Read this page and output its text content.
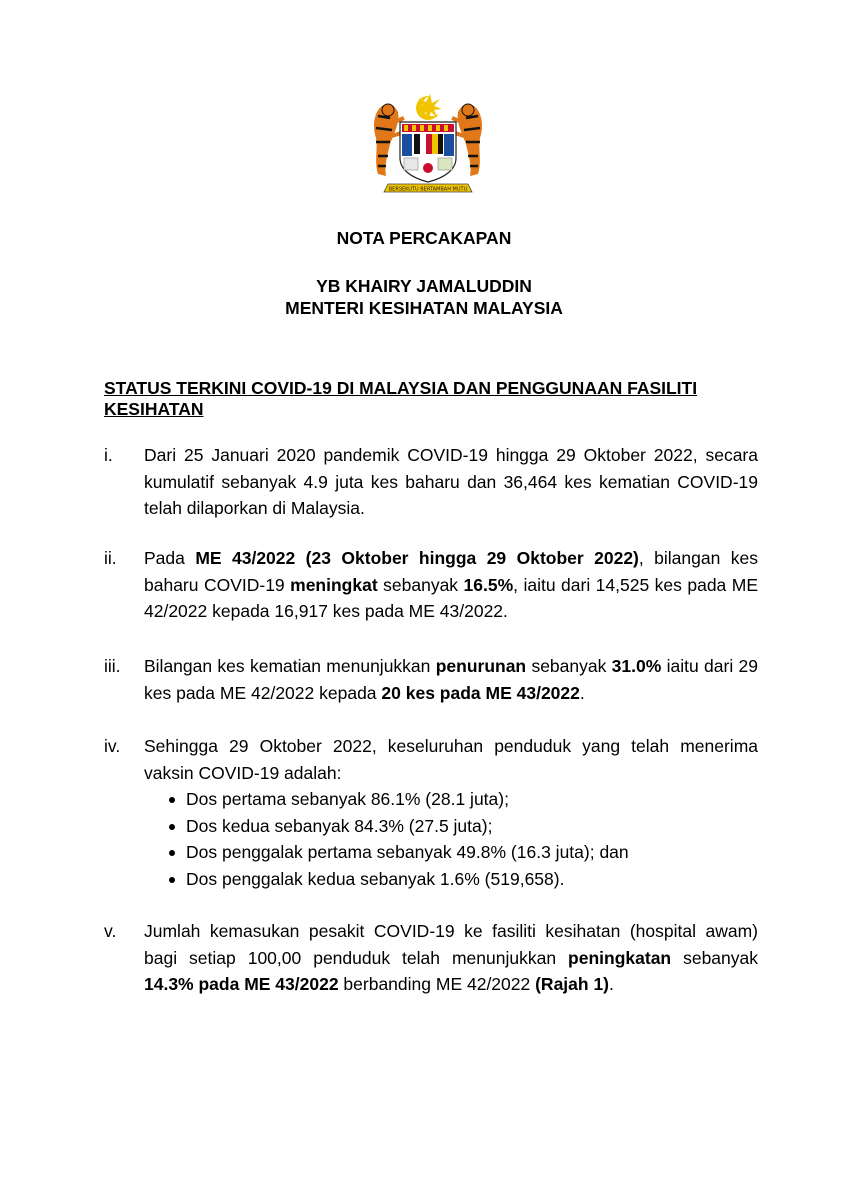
BERSEKUTU BERTAMBAH MUTU
NOTA PERCAKAPAN
YB KHAIRY JAMALUDDIN
MENTERI KESIHATAN MALAYSIA
STATUS TERKINI COVID-19 DI MALAYSIA DAN PENGGUNAAN FASILITI KESIHATAN
i.	Dari 25 Januari 2020 pandemik COVID-19 hingga 29 Oktober 2022, secara kumulatif sebanyak 4.9 juta kes baharu dan 36,464 kes kematian COVID-19 telah dilaporkan di Malaysia.
ii.	Pada ME 43/2022 (23 Oktober hingga 29 Oktober 2022), bilangan kes baharu COVID-19 meningkat sebanyak 16.5%, iaitu dari 14,525 kes pada ME 42/2022 kepada 16,917 kes pada ME 43/2022.
iii.	Bilangan kes kematian menunjukkan penurunan sebanyak 31.0% iaitu dari 29 kes pada ME 42/2022 kepada 20 kes pada ME 43/2022.
iv.	Sehingga 29 Oktober 2022, keseluruhan penduduk yang telah menerima vaksin COVID-19 adalah:
Dos pertama sebanyak 86.1% (28.1 juta);
Dos kedua sebanyak 84.3% (27.5 juta);
Dos penggalak pertama sebanyak 49.8% (16.3 juta); dan
Dos penggalak kedua sebanyak 1.6% (519,658).
v.	Jumlah kemasukan pesakit COVID-19 ke fasiliti kesihatan (hospital awam) bagi setiap 100,00 penduduk telah menunjukkan peningkatan sebanyak 14.3% pada ME 43/2022 berbanding ME 42/2022 (Rajah 1).
